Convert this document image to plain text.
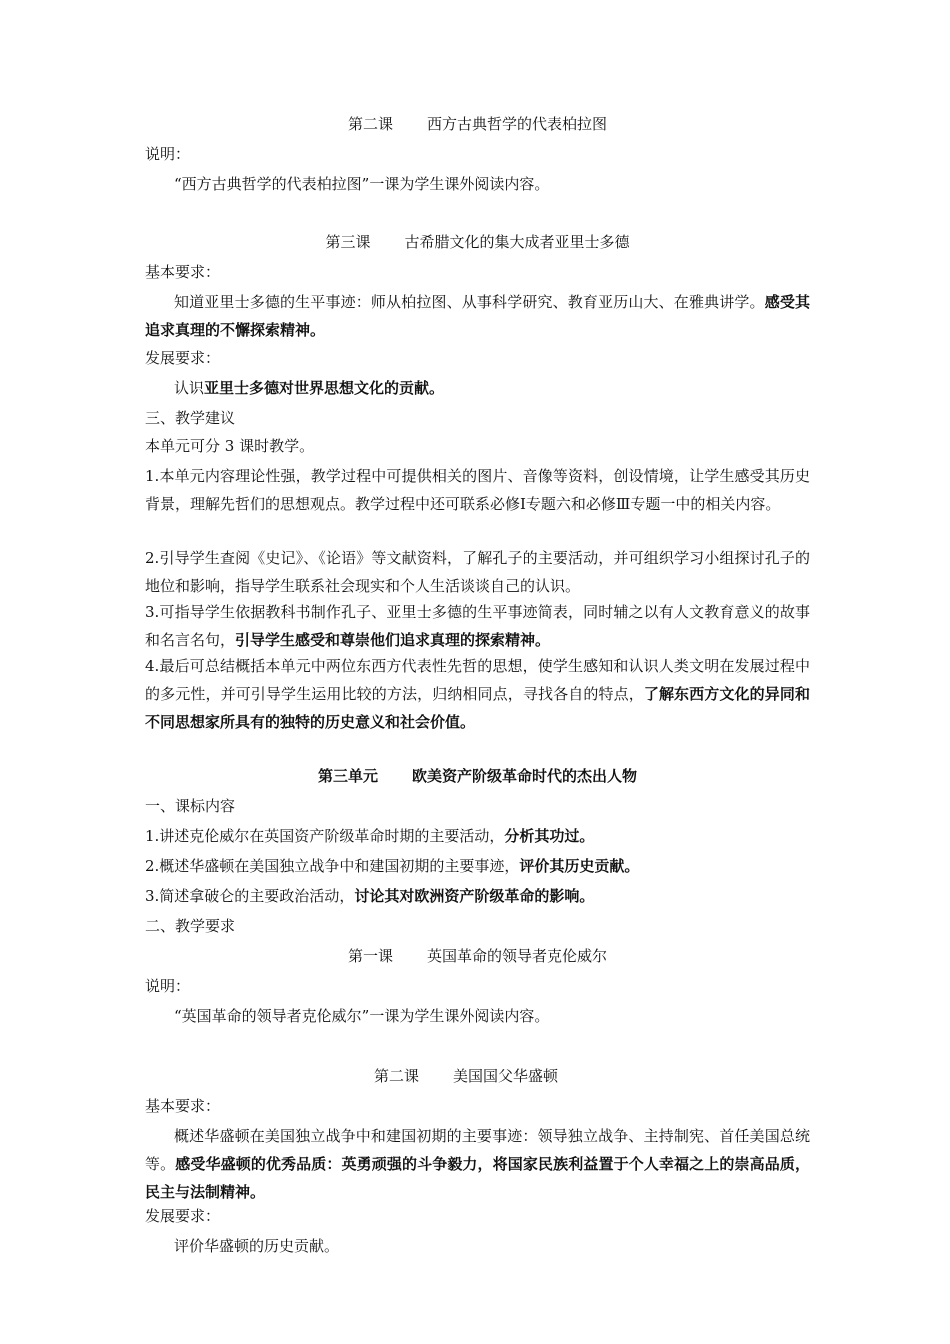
第二课 西方古典哲学的代表柏拉图
说明：
“西方古典哲学的代表柏拉图”一课为学生课外阅读内容。
第三课 古希腊文化的集大成者亚里士多德
基本要求：
知道亚里士多德的生平事迹：师从柏拉图、从事科学研究、教育亚历山大、在雅典讲学。感受其追求真理的不懈探索精神。
发展要求：
认识亚里士多德对世界思想文化的贡献。
三、教学建议
本单元可分 3 课时教学。
1.本单元内容理论性强，教学过程中可提供相关的图片、音像等资料，创设情境，让学生感受其历史背景，理解先哲们的思想观点。教学过程中还可联系必修Ⅰ专题六和必修Ⅲ专题一中的相关内容。
2.引导学生查阅《史记》、《论语》等文献资料，了解孔子的主要活动，并可组织学习小组探讨孔子的地位和影响，指导学生联系社会现实和个人生活谈谈自己的认识。
3.可指导学生依据教科书制作孔子、亚里士多德的生平事迹简表，同时辅之以有人文教育意义的故事和名言名句，引导学生感受和尊崇他们追求真理的探索精神。
4.最后可总结概括本单元中两位东西方代表性先哲的思想，使学生感知和认识人类文明在发展过程中的多元性，并可引导学生运用比较的方法，归纳相同点，寻找各自的特点，了解东西方文化的异同和不同思想家所具有的独特的历史意义和社会价值。
第三单元 欧美资产阶级革命时代的杰出人物
一、课标内容
1.讲述克伦威尔在英国资产阶级革命时期的主要活动，分析其功过。
2.概述华盛顿在美国独立战争中和建国初期的主要事迹，评价其历史贡献。
3.简述拿破仑的主要政治活动，讨论其对欧洲资产阶级革命的影响。
二、教学要求
第一课 英国革命的领导者克伦威尔
说明：
“英国革命的领导者克伦威尔”一课为学生课外阅读内容。
第二课 美国国父华盛顿
基本要求：
概述华盛顿在美国独立战争中和建国初期的主要事迹：领导独立战争、主持制宪、首任美国总统等。感受华盛顿的优秀品质：英勇顽强的斗争毅力，将国家民族利益置于个人幸福之上的崇高品质，民主与法制精神。
发展要求：
评价华盛顿的历史贡献。
